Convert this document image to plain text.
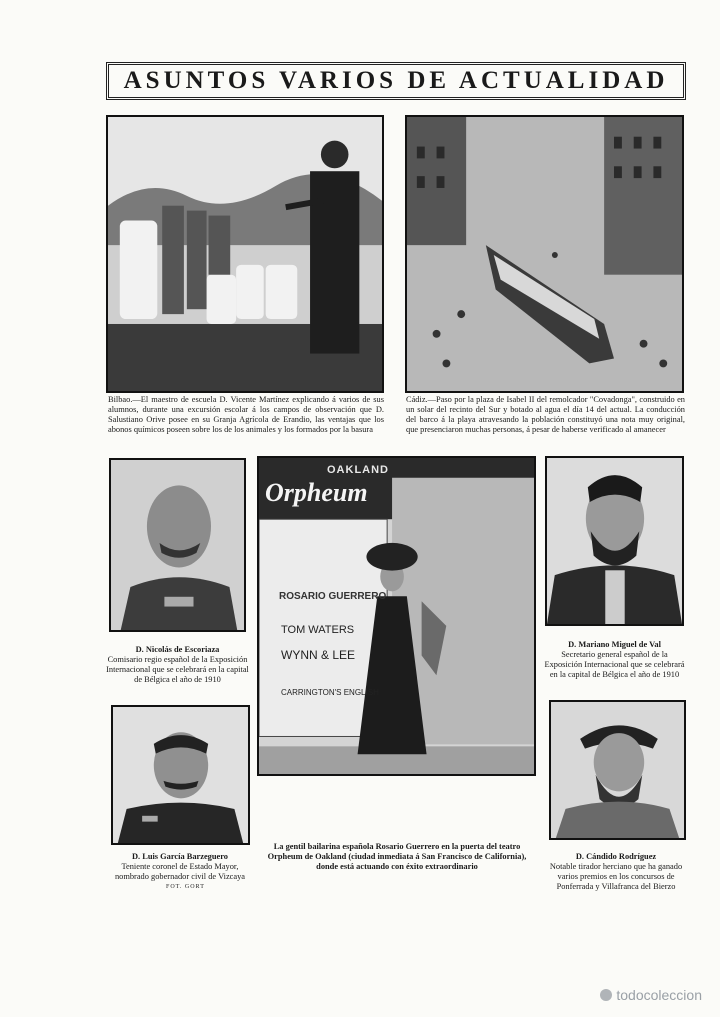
ASUNTOS VARIOS DE ACTUALIDAD
Bilbao.—El maestro de escuela D. Vicente Martínez explicando á varios de sus alumnos, durante una excursión escolar á los campos de observación que D. Salustiano Orive posee en su Granja Agrícola de Erandio, las ventajas que los abonos químicos poseen sobre los de los animales y los formados por la basura
Cádiz.—Paso por la plaza de Isabel II del remolcador "Covadonga", construido en un solar del recinto del Sur y botado al agua el día 14 del actual. La conducción del barco á la playa atravesando la población constituyó una nota muy original, que presenciaron muchas personas, á pesar de haberse verificado al amanecer
D. Nicolás de Escoriaza
Comisario regio español de la Exposición Internacional que se celebrará en la capital de Bélgica el año de 1910
OAKLAND
Orpheum
ROSARIO GUERRERO
TOM WATERS
WYNN & LEE
CARRINGTON'S ENGLISH
La gentil bailarina española Rosario Guerrero en la puerta del teatro Orpheum de Oakland (ciudad inmediata á San Francisco de California), donde está actuando con éxito extraordinario
D. Mariano Miguel de Val
Secretario general español de la Exposición Internacional que se celebrará en la capital de Bélgica el año de 1910
D. Luis García Barzeguero
Teniente coronel de Estado Mayor, nombrado gobernador civil de Vizcaya
FOT. GORT
D. Cándido Rodríguez
Notable tirador herciano que ha ganado varios premios en los concursos de Ponferrada y Villafranca del Bierzo
todocoleccion
